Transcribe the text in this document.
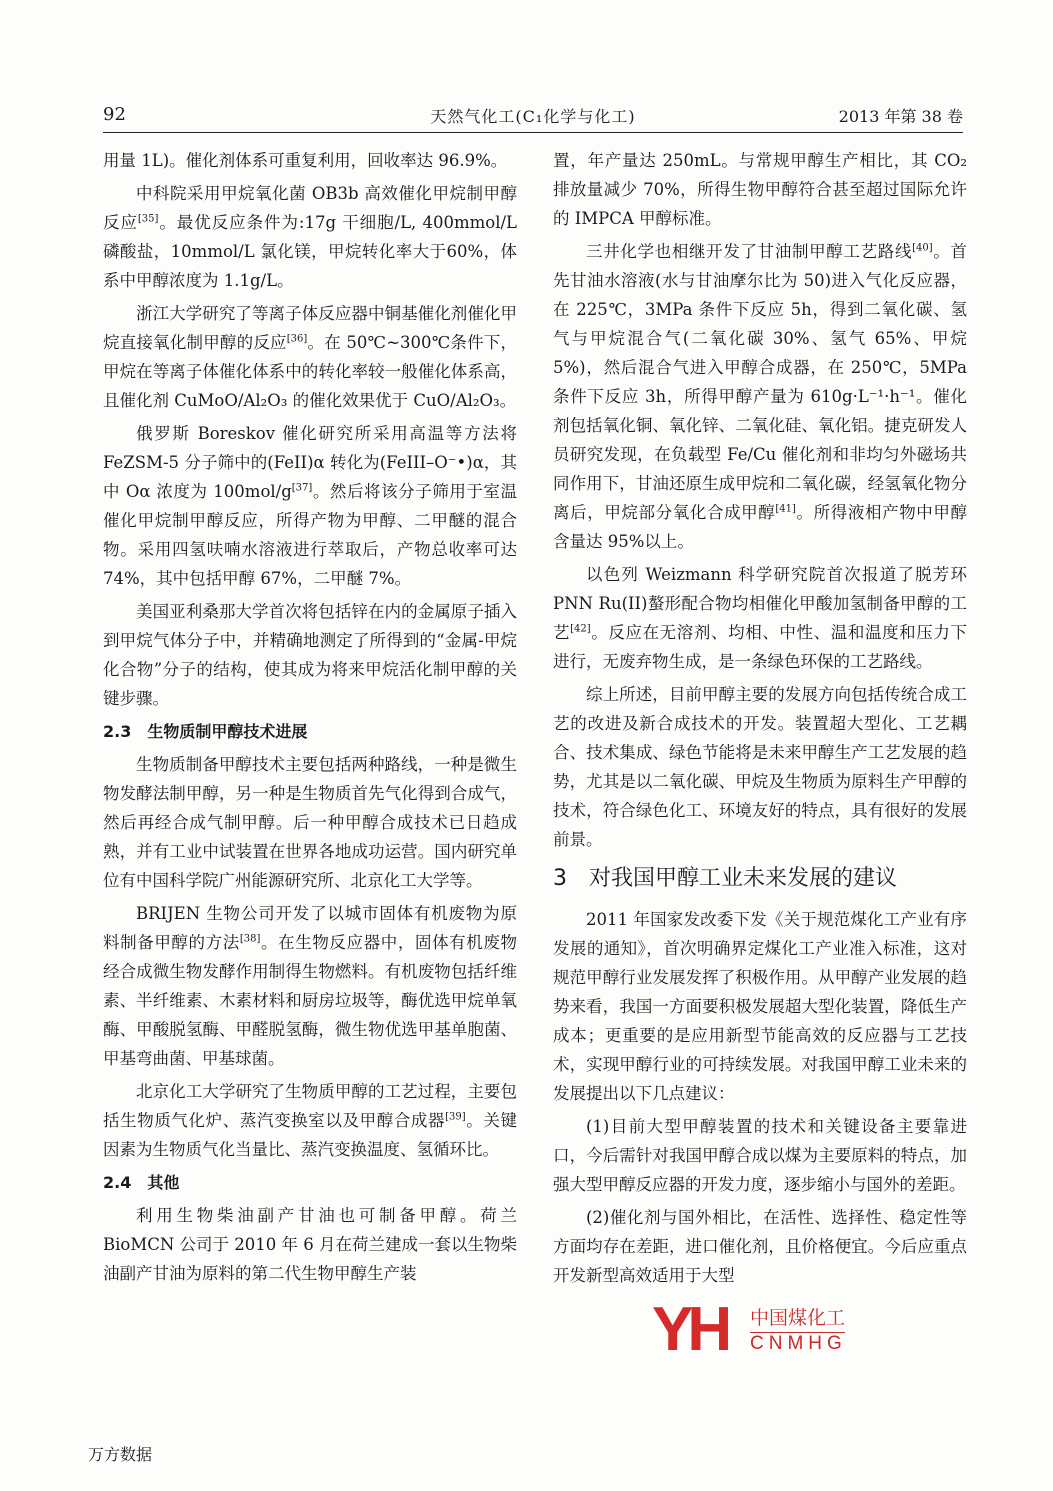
92	天然气化工(C₁化学与化工)	2013 年第 38 卷

用量 1L)。催化剂体系可重复利用，回收率达 96.9%。

中科院采用甲烷氧化菌 OB3b 高效催化甲烷制甲醇反应[35]。最优反应条件为:17g 干细胞/L, 400mmol/L 磷酸盐，10mmol/L 氯化镁，甲烷转化率大于60%，体系中甲醇浓度为 1.1g/L。

浙江大学研究了等离子体反应器中铜基催化剂催化甲烷直接氧化制甲醇的反应[36]。在 50℃~300℃条件下，甲烷在等离子体催化体系中的转化率较一般催化体系高，且催化剂 CuMoO/Al₂O₃ 的催化效果优于 CuO/Al₂O₃。

俄罗斯 Boreskov 催化研究所采用高温等方法将 FeZSM-5 分子筛中的(FeII)α 转化为(FeIII–O⁻•)α，其中 Oα 浓度为 100mol/g[37]。然后将该分子筛用于室温催化甲烷制甲醇反应，所得产物为甲醇、二甲醚的混合物。采用四氢呋喃水溶液进行萃取后，产物总收率可达 74%，其中包括甲醇 67%，二甲醚 7%。

美国亚利桑那大学首次将包括锌在内的金属原子插入到甲烷气体分子中，并精确地测定了所得到的“金属-甲烷化合物”分子的结构，使其成为将来甲烷活化制甲醇的关键步骤。

2.3　生物质制甲醇技术进展

生物质制备甲醇技术主要包括两种路线，一种是微生物发酵法制甲醇，另一种是生物质首先气化得到合成气，然后再经合成气制甲醇。后一种甲醇合成技术已日趋成熟，并有工业中试装置在世界各地成功运营。国内研究单位有中国科学院广州能源研究所、北京化工大学等。

BRIJEN 生物公司开发了以城市固体有机废物为原料制备甲醇的方法[38]。在生物反应器中，固体有机废物经合成微生物发酵作用制得生物燃料。有机废物包括纤维素、半纤维素、木素材料和厨房垃圾等，酶优选甲烷单氧酶、甲酸脱氢酶、甲醛脱氢酶，微生物优选甲基单胞菌、甲基弯曲菌、甲基球菌。

北京化工大学研究了生物质甲醇的工艺过程，主要包括生物质气化炉、蒸汽变换室以及甲醇合成器[39]。关键因素为生物质气化当量比、蒸汽变换温度、氢循环比。

2.4　其他

利用生物柴油副产甘油也可制备甲醇。荷兰 BioMCN 公司于 2010 年 6 月在荷兰建成一套以生物柴油副产甘油为原料的第二代生物甲醇生产装

置，年产量达 250mL。与常规甲醇生产相比，其 CO₂ 排放量减少 70%，所得生物甲醇符合甚至超过国际允许的 IMPCA 甲醇标准。

三井化学也相继开发了甘油制甲醇工艺路线[40]。首先甘油水溶液(水与甘油摩尔比为 50)进入气化反应器，在 225℃，3MPa 条件下反应 5h，得到二氧化碳、氢气与甲烷混合气(二氧化碳 30%、氢气 65%、甲烷 5%)，然后混合气进入甲醇合成器，在 250℃，5MPa 条件下反应 3h，所得甲醇产量为 610g·L⁻¹·h⁻¹。催化剂包括氧化铜、氧化锌、二氧化硅、氧化铝。捷克研发人员研究发现，在负载型 Fe/Cu 催化剂和非均匀外磁场共同作用下，甘油还原生成甲烷和二氧化碳，经氢氧化物分离后，甲烷部分氧化合成甲醇[41]。所得液相产物中甲醇含量达 95%以上。

以色列 Weizmann 科学研究院首次报道了脱芳环 PNN Ru(II)螯形配合物均相催化甲酸加氢制备甲醇的工艺[42]。反应在无溶剂、均相、中性、温和温度和压力下进行，无废弃物生成，是一条绿色环保的工艺路线。

综上所述，目前甲醇主要的发展方向包括传统合成工艺的改进及新合成技术的开发。装置超大型化、工艺耦合、技术集成、绿色节能将是未来甲醇生产工艺发展的趋势，尤其是以二氧化碳、甲烷及生物质为原料生产甲醇的技术，符合绿色化工、环境友好的特点，具有很好的发展前景。

3　对我国甲醇工业未来发展的建议

2011 年国家发改委下发《关于规范煤化工产业有序发展的通知》，首次明确界定煤化工产业准入标准，这对规范甲醇行业发展发挥了积极作用。从甲醇产业发展的趋势来看，我国一方面要积极发展超大型化装置，降低生产成本；更重要的是应用新型节能高效的反应器与工艺技术，实现甲醇行业的可持续发展。对我国甲醇工业未来的发展提出以下几点建议：

(1)目前大型甲醇装置的技术和关键设备主要靠进口，今后需针对我国甲醇合成以煤为主要原料的特点，加强大型甲醇反应器的开发力度，逐步缩小与国外的差距。

(2)催化剂与国外相比，在活性、选择性、稳定性等方面均存在差距，进口催化剂，且价格便宜。今后应重点开发新型高效适用于大型

YH 中国煤化工
CNMHG
万方数据
